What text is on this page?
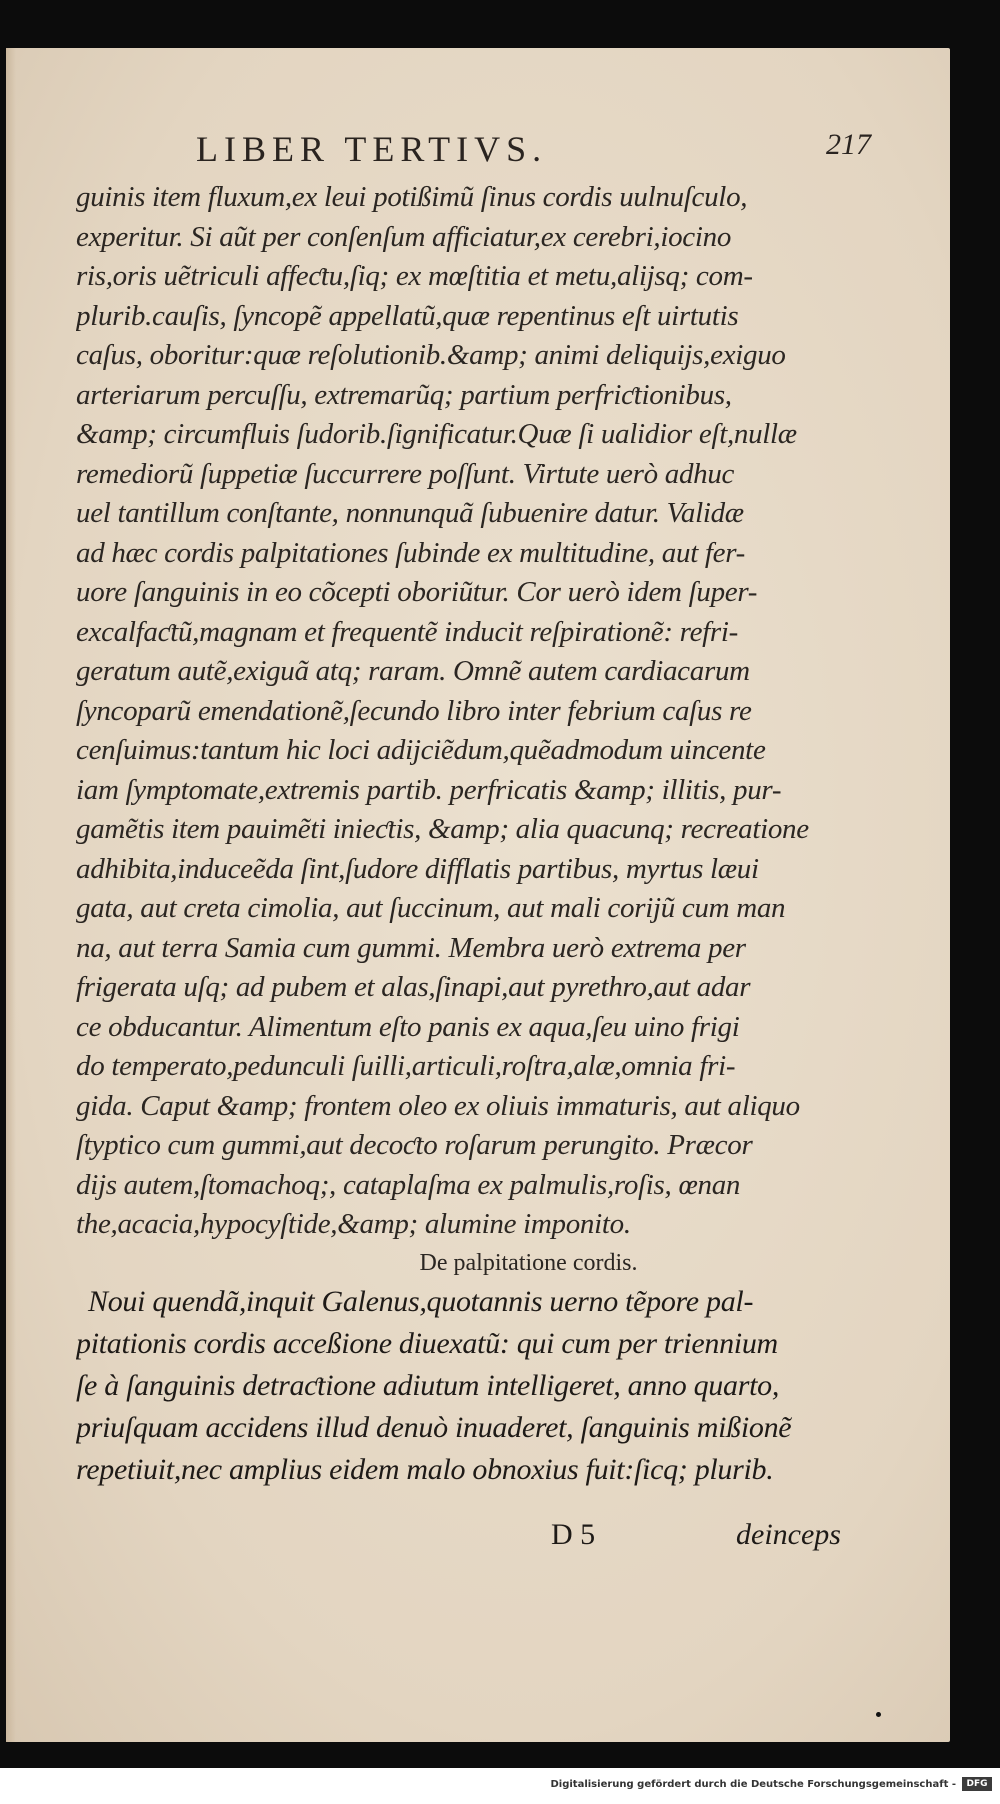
LIBER TERTIVS.	217
guinis item fluxum,ex leui potißimũ ſinus cordis uulnuſculo,
experitur. Si aũt per conſenſum afficiatur,ex cerebri,iocino
ris,oris uẽtriculi affeƈtu,ſiq; ex mœſtitia et metu,alijsq; com-
plurib.cauſis, ſyncopẽ appellatũ,quæ repentinus eſt uirtutis
caſus, oboritur:quæ reſolutionib.&amp; animi deliquijs,exiguo
arteriarum percuſſu, extremarũq; partium perfriƈtionibus,
&amp; circumfluis ſudorib.ſignificatur.Quæ ſi ualidior eſt,nullæ
remediorũ ſuppetiæ ſuccurrere poſſunt. Virtute uerò adhuc
uel tantillum conſtante, nonnunquã ſubuenire datur. Validæ
ad hæc cordis palpitationes ſubinde ex multitudine, aut fer-
uore ſanguinis in eo cõcepti oboriũtur. Cor uerò idem ſuper-
excalfaƈtũ,magnam et frequentẽ inducit reſpirationẽ: refri-
geratum autẽ,exiguã atq; raram. Omnẽ autem cardiacarum
ſyncoparũ emendationẽ,ſecundo libro inter febrium caſus re
cenſuimus:tantum hic loci adijciẽdum,quẽadmodum uincente
iam ſymptomate,extremis partib. perfricatis &amp; illitis, pur-
gamẽtis item pauimẽti inieƈtis, &amp; alia quacunq; recreatione
adhibita,induceẽda ſint,ſudore difflatis partibus, myrtus læui
gata, aut creta cimolia, aut ſuccinum, aut mali corijũ cum man
na, aut terra Samia cum gummi. Membra uerò extrema per
frigerata uſq; ad pubem et alas,ſinapi,aut pyrethro,aut adar
ce obducantur. Alimentum eſto panis ex aqua,ſeu uino frigi
do temperato,pedunculi ſuilli,articuli,roſtra,alæ,omnia fri-
gida. Caput &amp; frontem oleo ex oliuis immaturis, aut aliquo
ſtyptico cum gummi,aut decoƈto roſarum perungito. Præcor
dijs autem,ſtomachoq;, cataplaſma ex palmulis,roſis, œnan
the,acacia,hypocyſtide,&amp; alumine imponito.
De palpitatione cordis.
Noui quendã,inquit Galenus,quotannis uerno tẽpore pal-
pitationis cordis acceßione diuexatũ: qui cum per triennium
ſe à ſanguinis detraƈtione adiutum intelligeret, anno quarto,
priuſquam accidens illud denuò inuaderet, ſanguinis mißionẽ
repetiuit,nec amplius eidem malo obnoxius fuit:ſicq; plurib.
D 5	deinceps
Digitalisierung gefördert durch die Deutsche Forschungsgemeinschaft -	DFG
